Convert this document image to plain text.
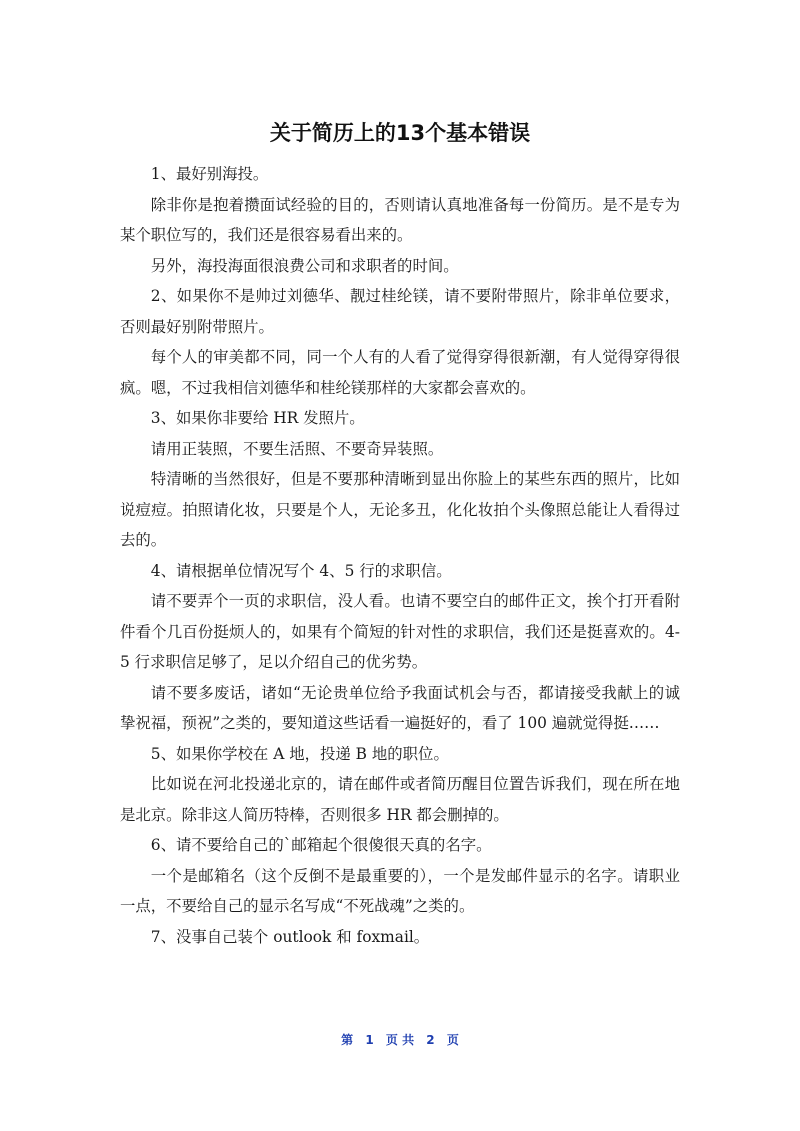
关于简历上的13个基本错误

1、最好别海投。

除非你是抱着攒面试经验的目的，否则请认真地准备每一份简历。是不是专为某个职位写的，我们还是很容易看出来的。

另外，海投海面很浪费公司和求职者的时间。

2、如果你不是帅过刘德华、靓过桂纶镁，请不要附带照片，除非单位要求，否则最好别附带照片。

每个人的审美都不同，同一个人有的人看了觉得穿得很新潮，有人觉得穿得很疯。嗯，不过我相信刘德华和桂纶镁那样的大家都会喜欢的。

3、如果你非要给 HR 发照片。

请用正装照，不要生活照、不要奇异装照。

特清晰的当然很好，但是不要那种清晰到显出你脸上的某些东西的照片，比如说痘痘。拍照请化妆，只要是个人，无论多丑，化化妆拍个头像照总能让人看得过去的。

4、请根据单位情况写个 4、5 行的求职信。

请不要弄个一页的求职信，没人看。也请不要空白的邮件正文，挨个打开看附件看个几百份挺烦人的，如果有个简短的针对性的求职信，我们还是挺喜欢的。4-5 行求职信足够了，足以介绍自己的优劣势。

请不要多废话，诸如“无论贵单位给予我面试机会与否，都请接受我献上的诚挚祝福，预祝”之类的，要知道这些话看一遍挺好的，看了 100 遍就觉得挺……

5、如果你学校在 A 地，投递 B 地的职位。

比如说在河北投递北京的，请在邮件或者简历醒目位置告诉我们，现在所在地是北京。除非这人简历特棒，否则很多 HR 都会删掉的。

6、请不要给自己的`邮箱起个很傻很天真的名字。

一个是邮箱名（这个反倒不是最重要的），一个是发邮件显示的名字。请职业一点，不要给自己的显示名写成“不死战魂”之类的。

7、没事自己装个 outlook 和 foxmail。

第 1 页 共 2 页
